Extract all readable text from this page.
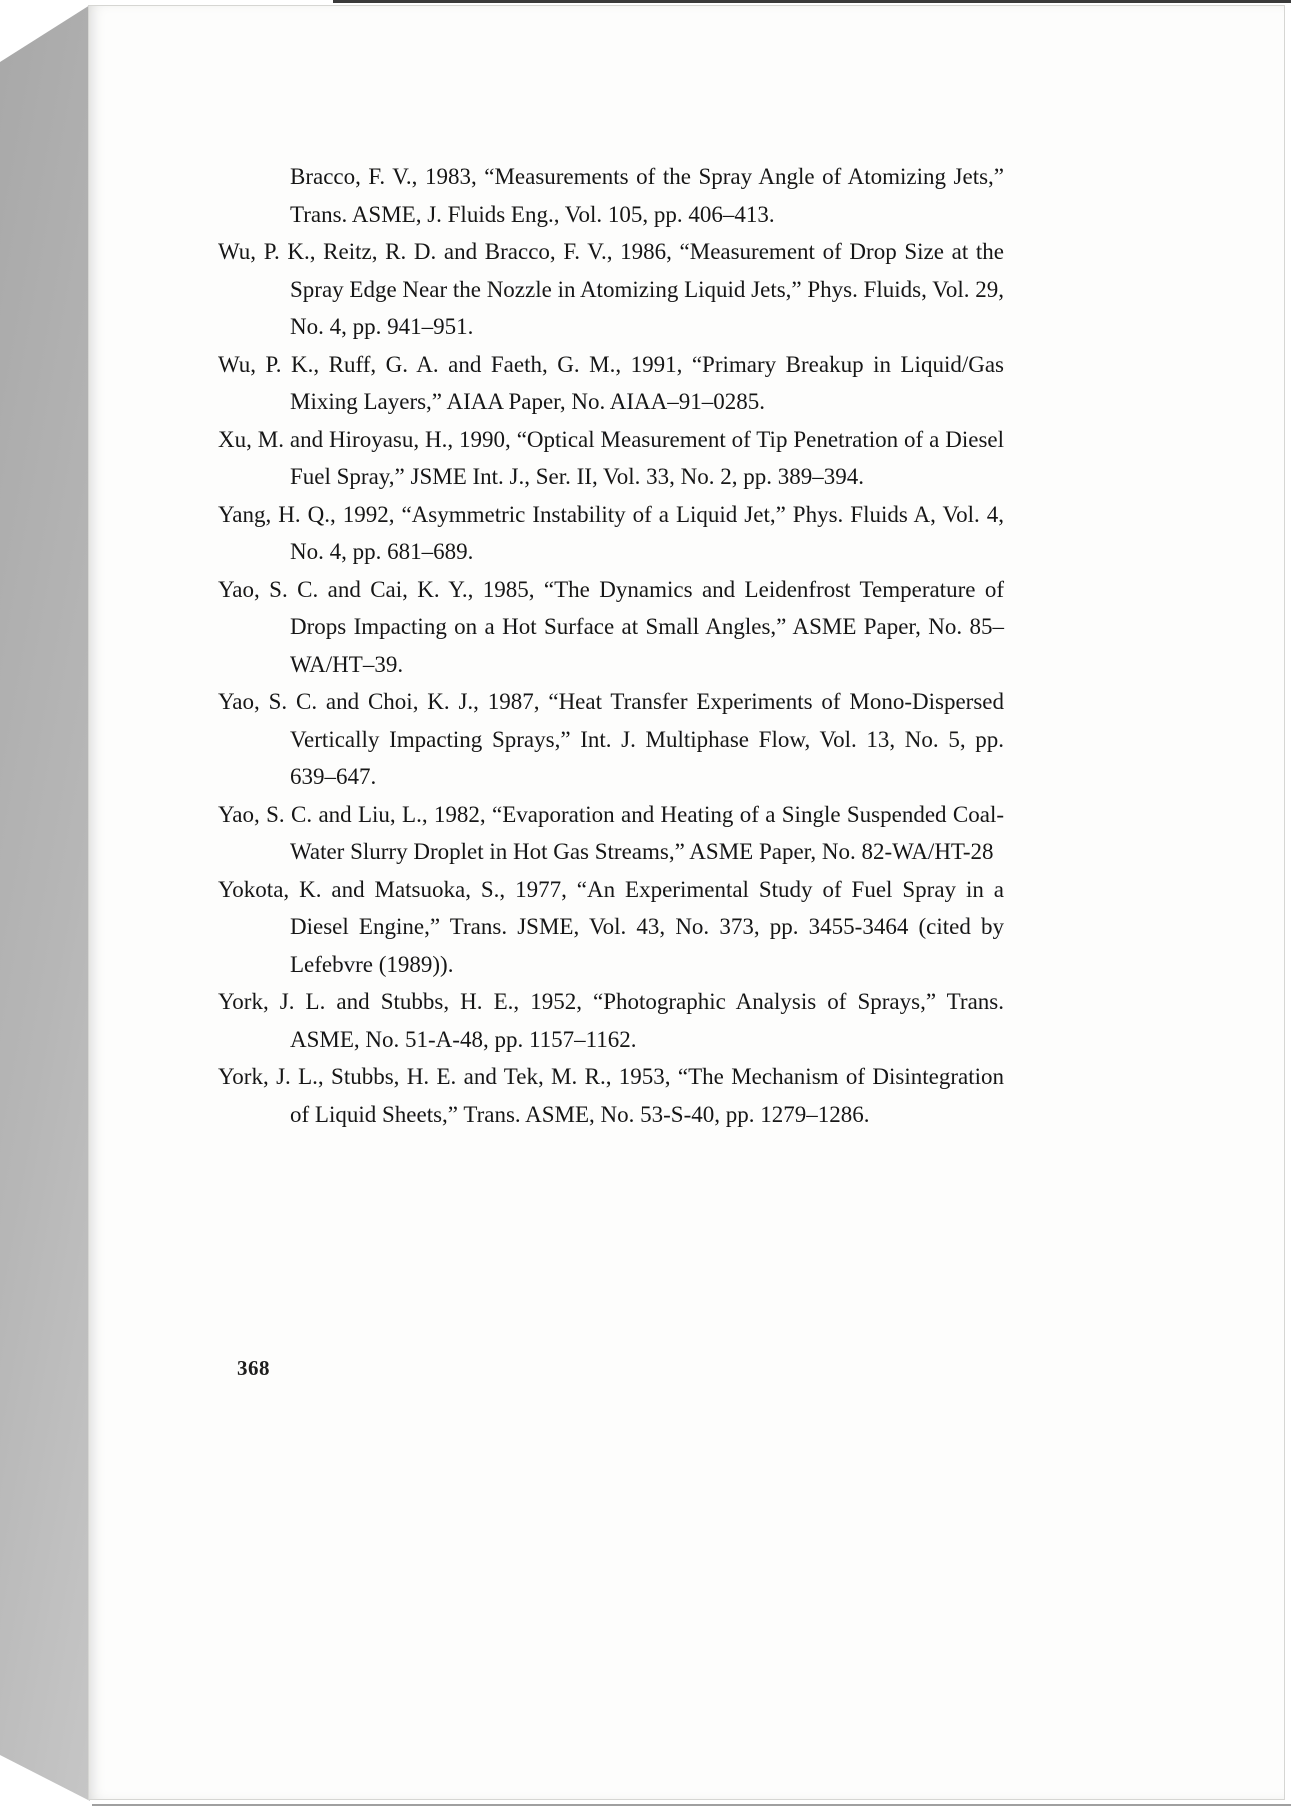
Bracco, F. V., 1983, “Measurements of the Spray Angle of Atomizing Jets,” Trans. ASME, J. Fluids Eng., Vol. 105, pp. 406–413.

Wu, P. K., Reitz, R. D. and Bracco, F. V., 1986, “Measurement of Drop Size at the Spray Edge Near the Nozzle in Atomizing Liquid Jets,” Phys. Fluids, Vol. 29, No. 4, pp. 941–951.

Wu, P. K., Ruff, G. A. and Faeth, G. M., 1991, “Primary Breakup in Liquid/Gas Mixing Layers,” AIAA Paper, No. AIAA–91–0285.

Xu, M. and Hiroyasu, H., 1990, “Optical Measurement of Tip Penetration of a Diesel Fuel Spray,” JSME Int. J., Ser. II, Vol. 33, No. 2, pp. 389–394.

Yang, H. Q., 1992, “Asymmetric Instability of a Liquid Jet,” Phys. Fluids A, Vol. 4, No. 4, pp. 681–689.

Yao, S. C. and Cai, K. Y., 1985, “The Dynamics and Leidenfrost Temperature of Drops Impacting on a Hot Surface at Small Angles,” ASME Paper, No. 85–WA/HT–39.

Yao, S. C. and Choi, K. J., 1987, “Heat Transfer Experiments of Mono-Dispersed Vertically Impacting Sprays,” Int. J. Multiphase Flow, Vol. 13, No. 5, pp. 639–647.

Yao, S. C. and Liu, L., 1982, “Evaporation and Heating of a Single Suspended Coal-Water Slurry Droplet in Hot Gas Streams,” ASME Paper, No. 82-WA/HT-28

Yokota, K. and Matsuoka, S., 1977, “An Experimental Study of Fuel Spray in a Diesel Engine,” Trans. JSME, Vol. 43, No. 373, pp. 3455-3464 (cited by Lefebvre (1989)).

York, J. L. and Stubbs, H. E., 1952, “Photographic Analysis of Sprays,” Trans. ASME, No. 51-A-48, pp. 1157–1162.

York, J. L., Stubbs, H. E. and Tek, M. R., 1953, “The Mechanism of Disintegration of Liquid Sheets,” Trans. ASME, No. 53-S-40, pp. 1279–1286.

368
